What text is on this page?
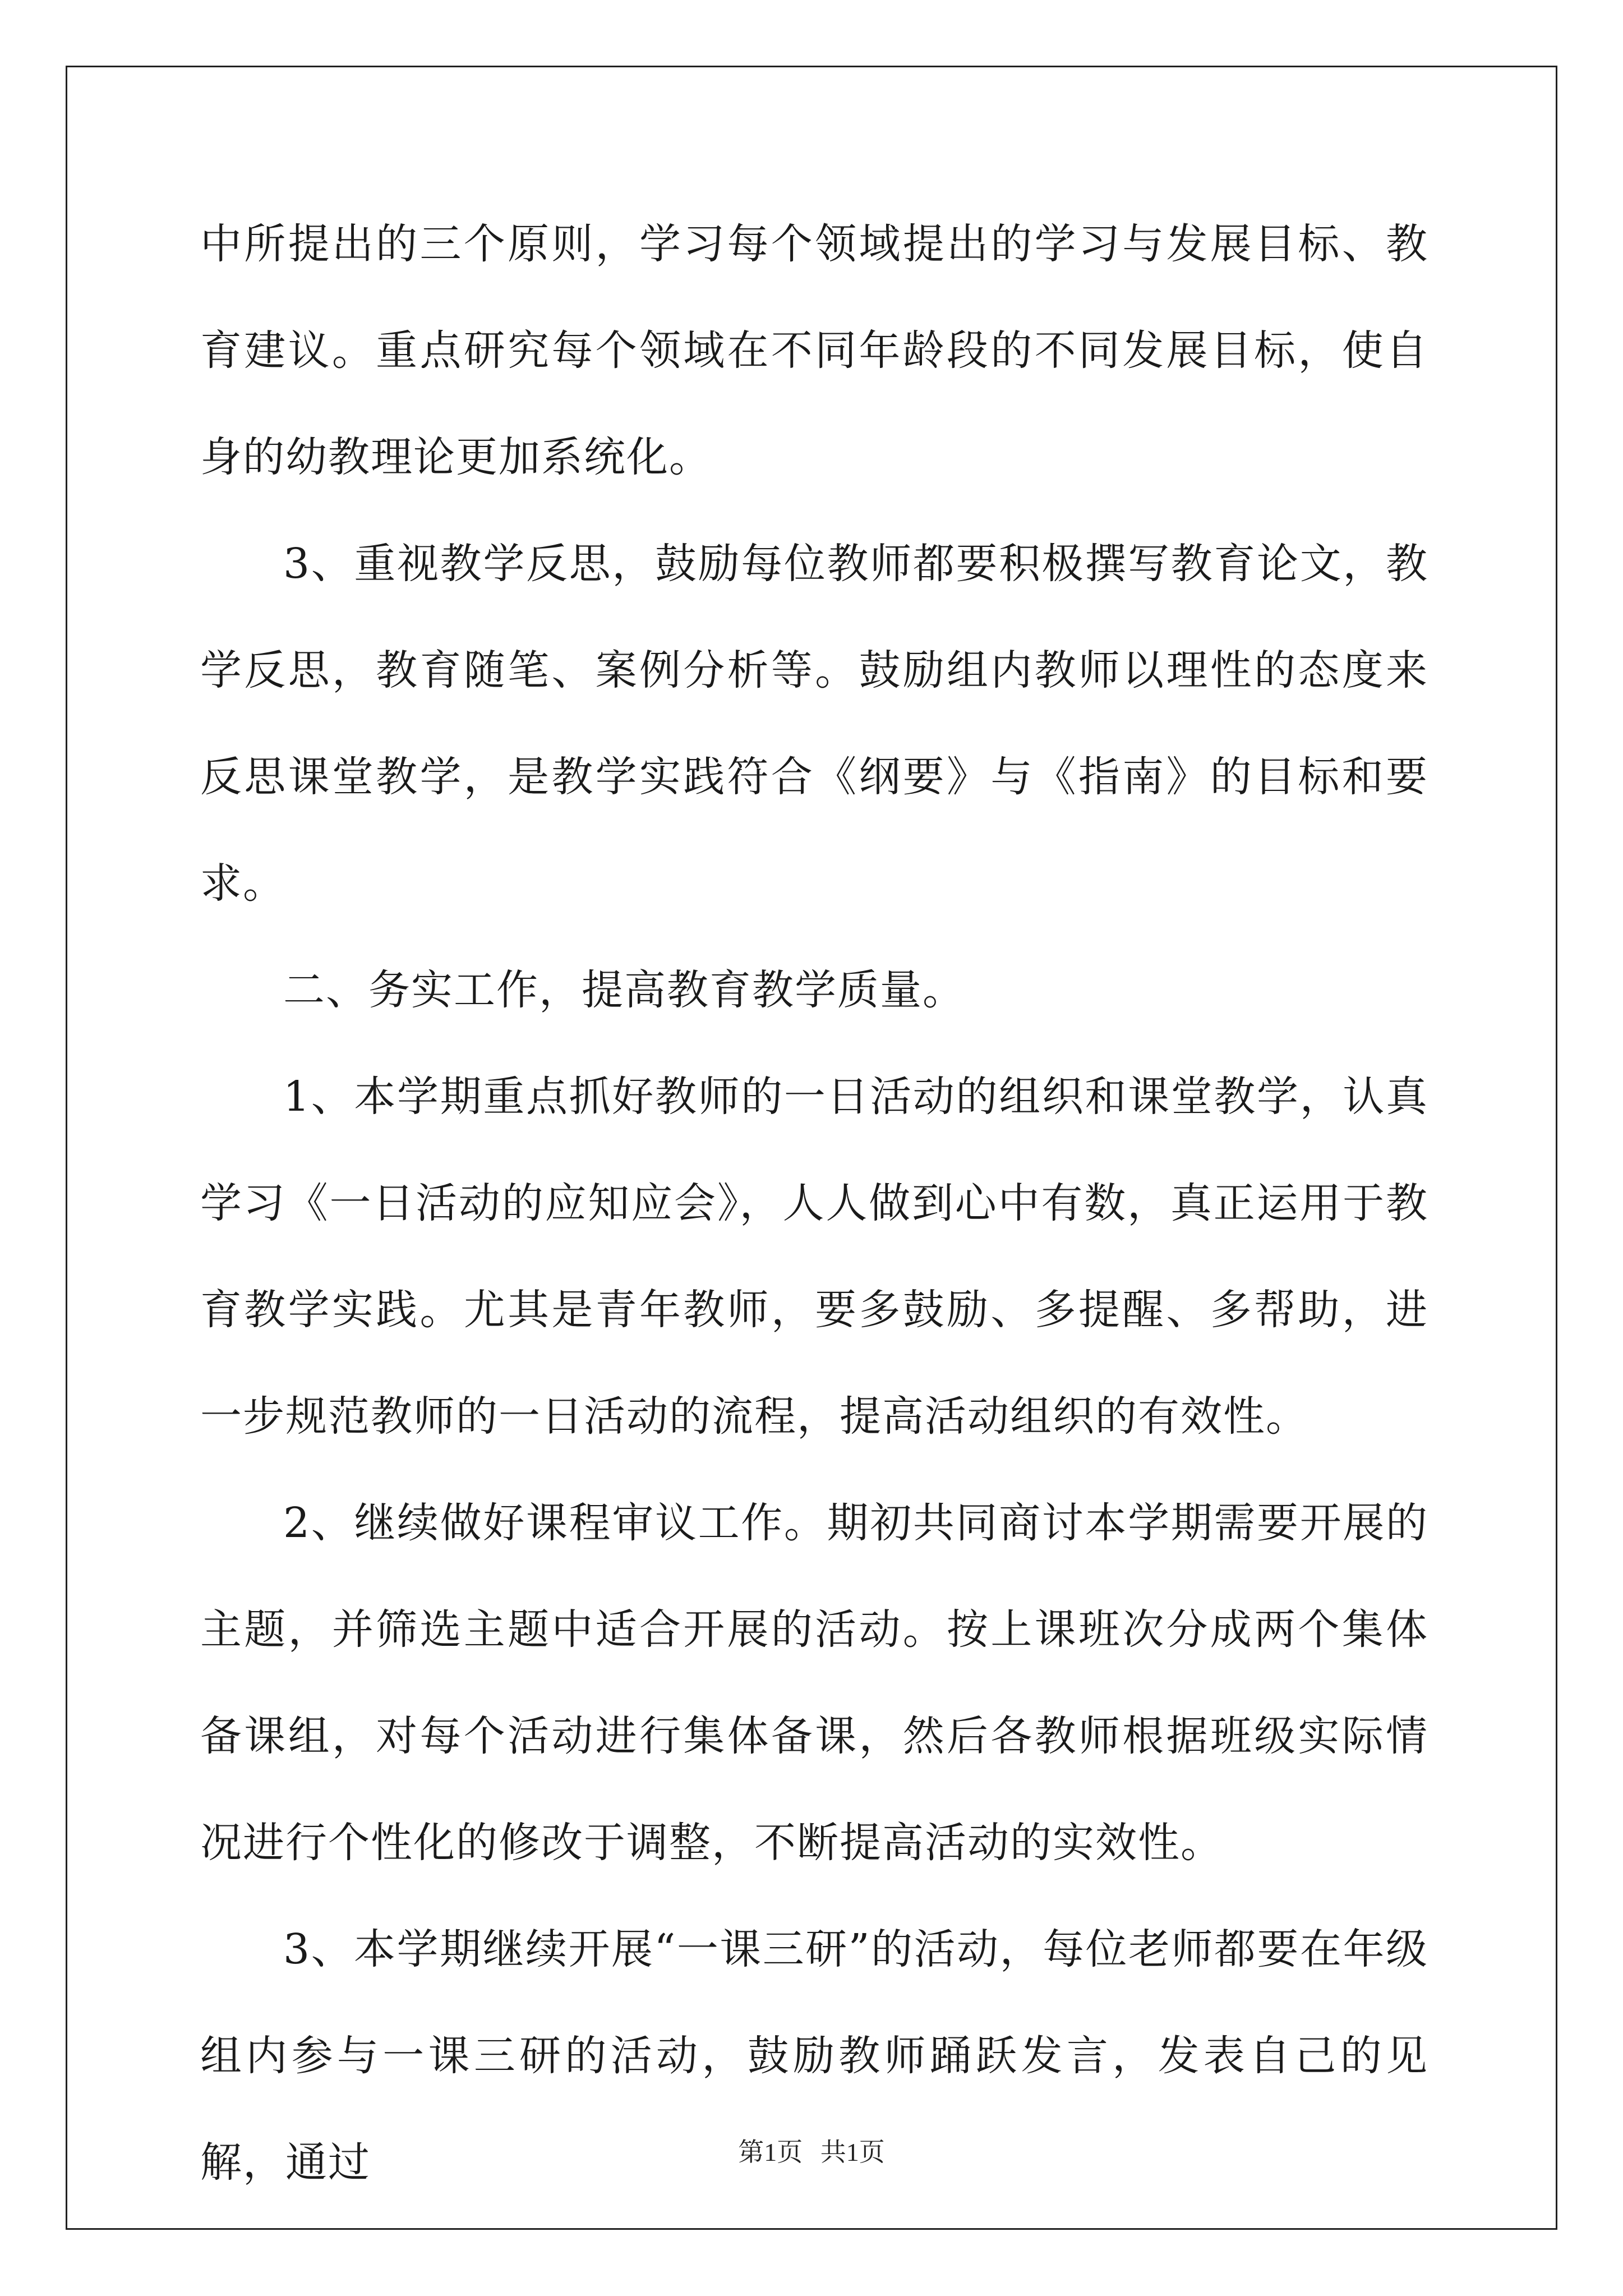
中所提出的三个原则，学习每个领域提出的学习与发展目标、教育建议。重点研究每个领域在不同年龄段的不同发展目标，使自身的幼教理论更加系统化。

3、重视教学反思，鼓励每位教师都要积极撰写教育论文，教学反思，教育随笔、案例分析等。鼓励组内教师以理性的态度来反思课堂教学，是教学实践符合《纲要》与《指南》的目标和要求。

二、务实工作，提高教育教学质量。

1、本学期重点抓好教师的一日活动的组织和课堂教学，认真学习《一日活动的应知应会》，人人做到心中有数，真正运用于教育教学实践。尤其是青年教师，要多鼓励、多提醒、多帮助，进一步规范教师的一日活动的流程，提高活动组织的有效性。

2、继续做好课程审议工作。期初共同商讨本学期需要开展的主题，并筛选主题中适合开展的活动。按上课班次分成两个集体备课组，对每个活动进行集体备课，然后各教师根据班级实际情况进行个性化的修改于调整，不断提高活动的实效性。

3、本学期继续开展“一课三研”的活动，每位老师都要在年级组内参与一课三研的活动，鼓励教师踊跃发言，发表自己的见解，通过	第1页 共1页
